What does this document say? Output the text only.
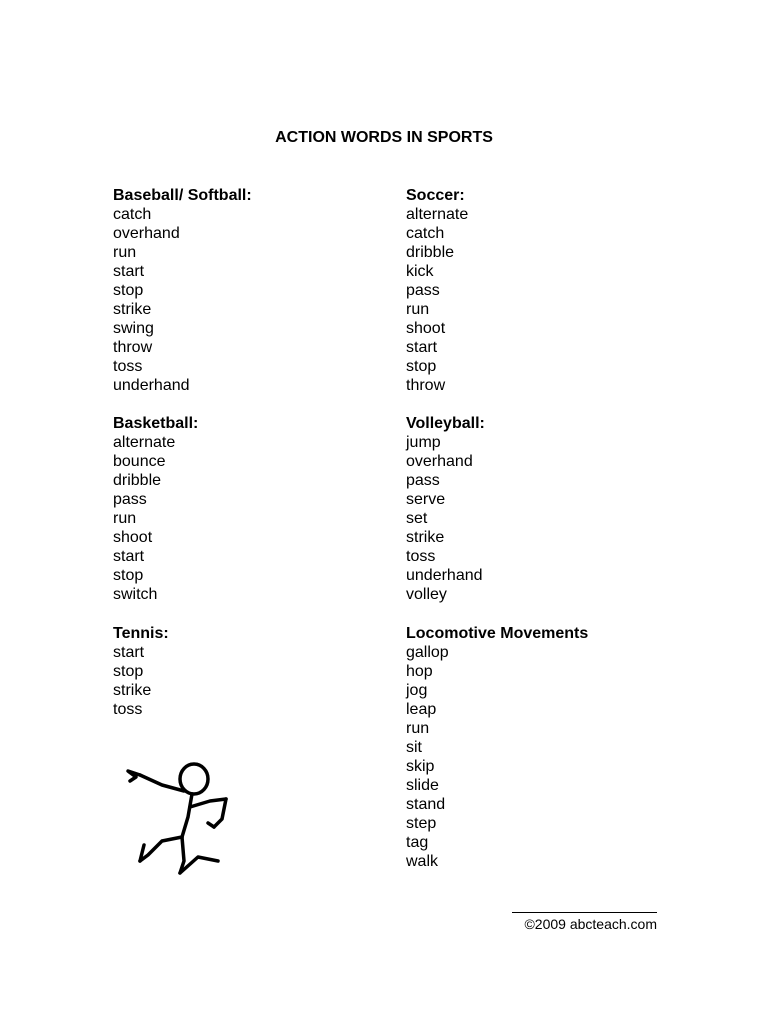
ACTION WORDS IN SPORTS
Baseball/ Softball:
catch
overhand
run
start
stop
strike
swing
throw
toss
underhand
Soccer:
alternate
catch
dribble
kick
pass
run
shoot
start
stop
throw
Basketball:
alternate
bounce
dribble
pass
run
shoot
start
stop
switch
Volleyball:
jump
overhand
pass
serve
set
strike
toss
underhand
volley
Tennis:
start
stop
strike
toss
Locomotive Movements
gallop
hop
jog
leap
run
sit
skip
slide
stand
step
tag
walk
©2009 abcteach.com
